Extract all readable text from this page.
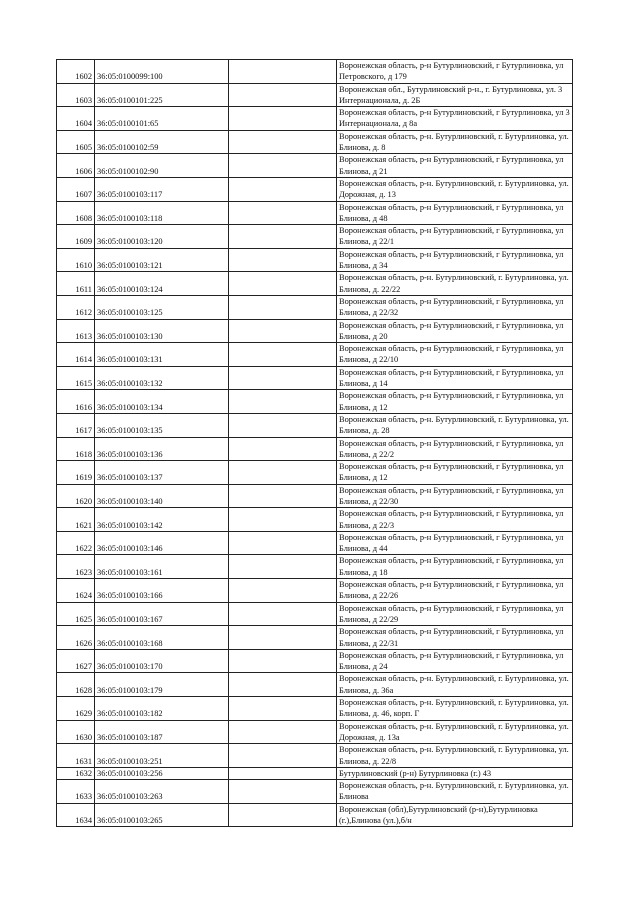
1602	36:05:0100099:100		Воронежская область, р-н Бутурлиновский, г Бутурлиновка, ул Петровского, д 179
1603	36:05:0100101:225		Воронежская обл., Бутурлиновский р-н., г. Бутурлиновка, ул. 3 Интернационала, д. 2Б
1604	36:05:0100101:65		Воронежская область, р-н Бутурлиновский, г Бутурлиновка, ул 3 Интернационала, д 8а
1605	36:05:0100102:59		Воронежская область, р-н. Бутурлиновский, г. Бутурлиновка, ул. Блинова, д. 8
1606	36:05:0100102:90		Воронежская область, р-н Бутурлиновский, г Бутурлиновка, ул Блинова, д 21
1607	36:05:0100103:117		Воронежская область, р-н. Бутурлиновский, г. Бутурлиновка, ул. Дорожная, д. 13
1608	36:05:0100103:118		Воронежская область, р-н Бутурлиновский, г Бутурлиновка, ул Блинова, д 48
1609	36:05:0100103:120		Воронежская область, р-н Бутурлиновский, г Бутурлиновка, ул Блинова, д 22/1
1610	36:05:0100103:121		Воронежская область, р-н Бутурлиновский, г Бутурлиновка, ул Блинова, д 34
1611	36:05:0100103:124		Воронежская область, р-н. Бутурлиновский, г. Бутурлиновка, ул. Блинова, д. 22/22
1612	36:05:0100103:125		Воронежская область, р-н Бутурлиновский, г Бутурлиновка, ул Блинова, д 22/32
1613	36:05:0100103:130		Воронежская область, р-н Бутурлиновский, г Бутурлиновка, ул Блинова, д 20
1614	36:05:0100103:131		Воронежская область, р-н Бутурлиновский, г Бутурлиновка, ул Блинова, д 22/10
1615	36:05:0100103:132		Воронежская область, р-н Бутурлиновский, г Бутурлиновка, ул Блинова, д 14
1616	36:05:0100103:134		Воронежская область, р-н Бутурлиновский, г Бутурлиновка, ул Блинова, д 12
1617	36:05:0100103:135		Воронежская область, р-н. Бутурлиновский, г. Бутурлиновка, ул. Блинова, д. 28
1618	36:05:0100103:136		Воронежская область, р-н Бутурлиновский, г Бутурлиновка, ул Блинова, д 22/2
1619	36:05:0100103:137		Воронежская область, р-н Бутурлиновский, г Бутурлиновка, ул Блинова, д 12
1620	36:05:0100103:140		Воронежская область, р-н Бутурлиновский, г Бутурлиновка, ул Блинова, д 22/30
1621	36:05:0100103:142		Воронежская область, р-н Бутурлиновский, г Бутурлиновка, ул Блинова, д 22/3
1622	36:05:0100103:146		Воронежская область, р-н Бутурлиновский, г Бутурлиновка, ул Блинова, д 44
1623	36:05:0100103:161		Воронежская область, р-н Бутурлиновский, г Бутурлиновка, ул Блинова, д 18
1624	36:05:0100103:166		Воронежская область, р-н Бутурлиновский, г Бутурлиновка, ул Блинова, д 22/26
1625	36:05:0100103:167		Воронежская область, р-н Бутурлиновский, г Бутурлиновка, ул Блинова, д 22/29
1626	36:05:0100103:168		Воронежская область, р-н Бутурлиновский, г Бутурлиновка, ул Блинова, д 22/31
1627	36:05:0100103:170		Воронежская область, р-н Бутурлиновский, г Бутурлиновка, ул Блинова, д 24
1628	36:05:0100103:179		Воронежская область, р-н. Бутурлиновский, г. Бутурлиновка, ул. Блинова, д. 36а
1629	36:05:0100103:182		Воронежская область, р-н. Бутурлиновский, г. Бутурлиновка, ул. Блинова, д. 46, корп. Г
1630	36:05:0100103:187		Воронежская область, р-н. Бутурлиновский, г. Бутурлиновка, ул. Дорожная, д. 13а
1631	36:05:0100103:251		Воронежская область, р-н. Бутурлиновский, г. Бутурлиновка, ул. Блинова, д. 22/8
1632	36:05:0100103:256		Бутурлиновский (р-н) Бутурлиновка (г.) 43
1633	36:05:0100103:263		Воронежская область, р-н. Бутурлиновский, г. Бутурлиновка, ул. Блинова
1634	36:05:0100103:265		Воронежская (обл),Бутурлиновский (р-н),Бутурлиновка (г.),Блинова (ул.),б/н
